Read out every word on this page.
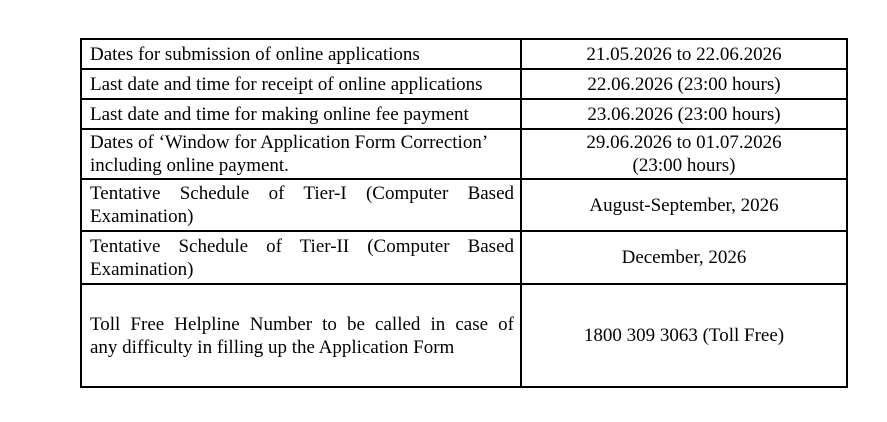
Dates for submission of online applications	21.05.2026 to 22.06.2026
Last date and time for receipt of online applications	22.06.2026 (23:00 hours)
Last date and time for making online fee payment	23.06.2026 (23:00 hours)

Dates of ‘Window for Application Form Correction’
including online payment.	29.06.2026 to 01.07.2026
(23:00 hours)

Tentative Schedule of Tier-I (Computer Based
Examination)	August-September, 2026

Tentative Schedule of Tier-II (Computer Based
Examination)	December, 2026

Toll Free Helpline Number to be called in case of
any difficulty in filling up the Application Form	1800 309 3063 (Toll Free)
